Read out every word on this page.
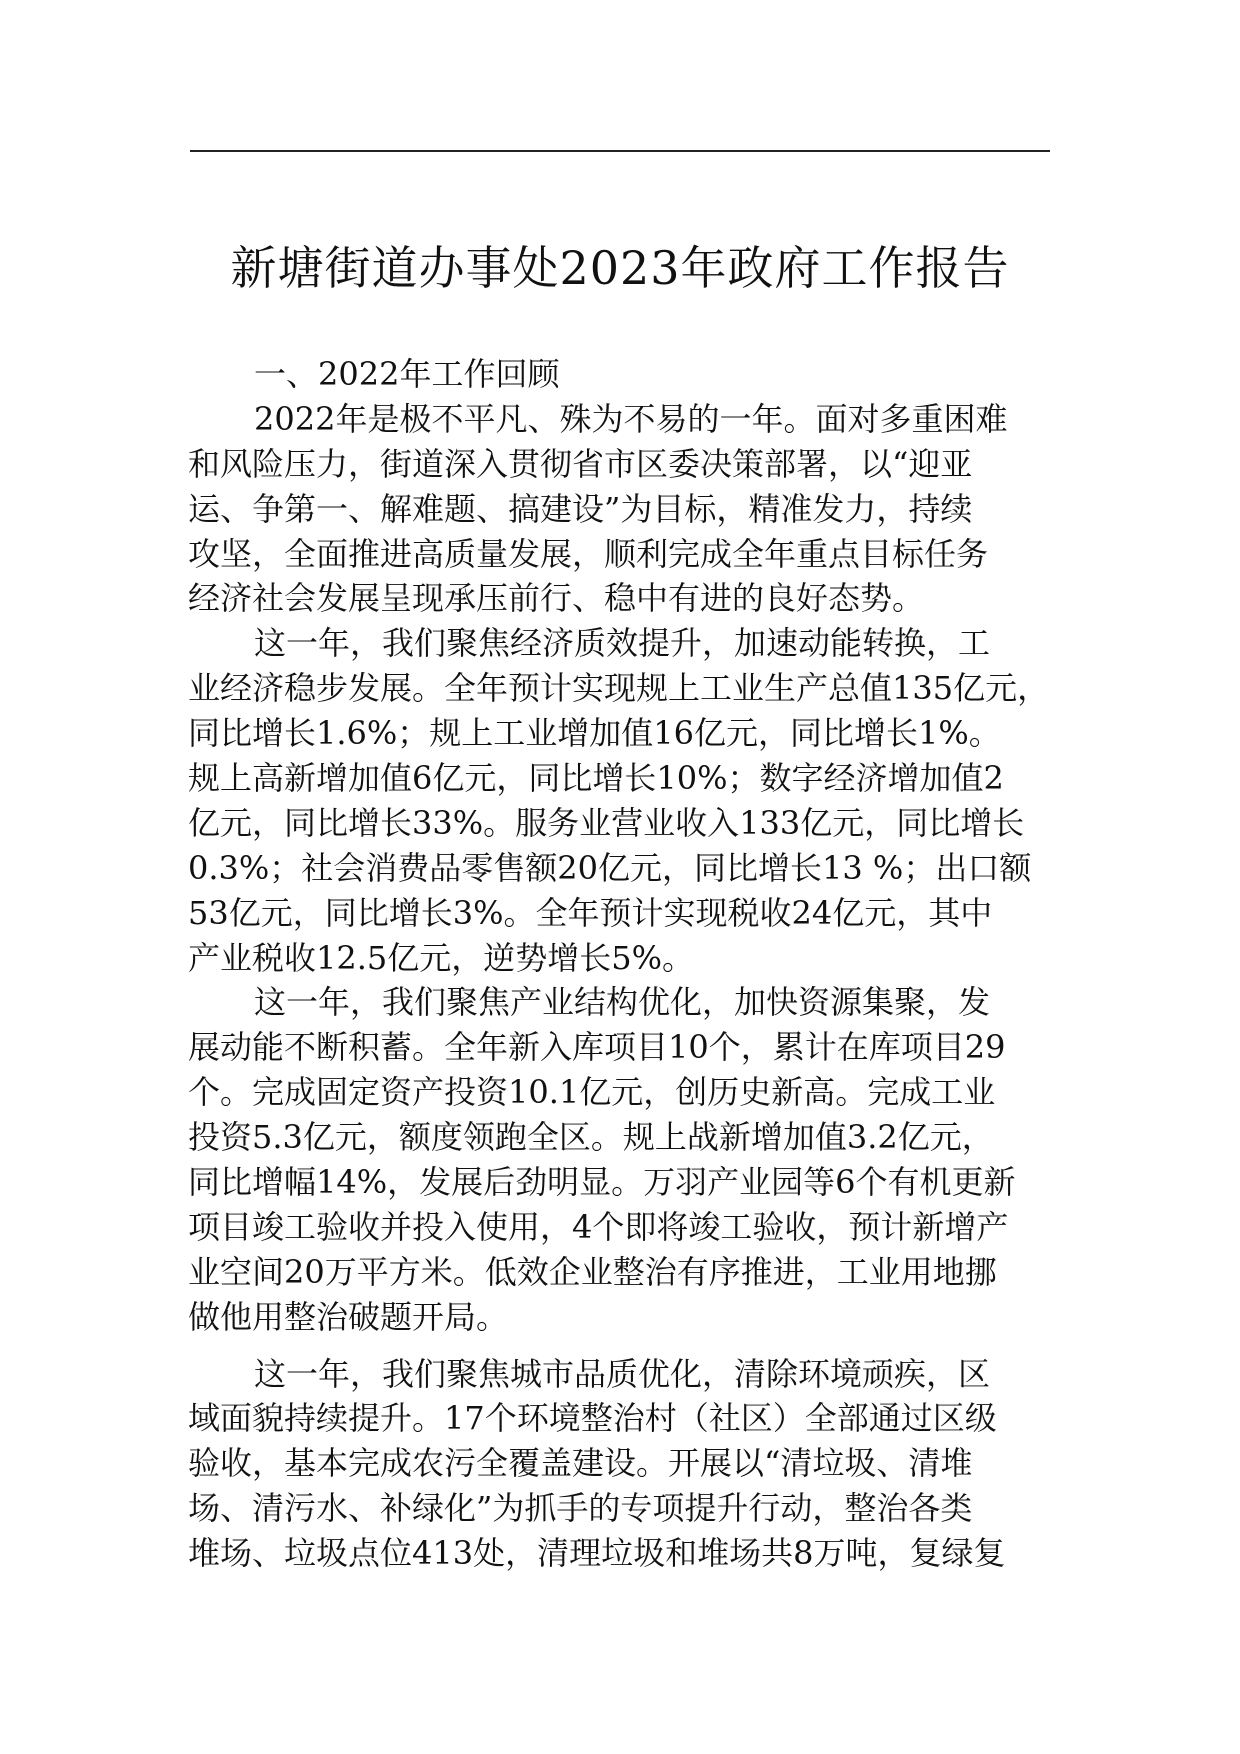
新塘街道办事处2023年政府工作报告
一、2022年工作回顾
2022年是极不平凡、殊为不易的一年。面对多重困难
和风险压力，街道深入贯彻省市区委决策部署，以“迎亚
运、争第一、解难题、搞建设”为目标，精准发力，持续
攻坚，全面推进高质量发展，顺利完成全年重点目标任务
经济社会发展呈现承压前行、稳中有进的良好态势。
这一年，我们聚焦经济质效提升，加速动能转换，工
业经济稳步发展。全年预计实现规上工业生产总值135亿元，
同比增长1.6%；规上工业增加值16亿元，同比增长1%。
规上高新增加值6亿元，同比增长10%；数字经济增加值2
亿元，同比增长33%。服务业营业收入133亿元，同比增长
0.3%；社会消费品零售额20亿元，同比增长13 %；出口额
53亿元，同比增长3%。全年预计实现税收24亿元，其中
产业税收12.5亿元，逆势增长5%。
这一年，我们聚焦产业结构优化，加快资源集聚，发
展动能不断积蓄。全年新入库项目10个，累计在库项目29
个。完成固定资产投资10.1亿元，创历史新高。完成工业
投资5.3亿元，额度领跑全区。规上战新增加值3.2亿元，
同比增幅14%，发展后劲明显。万羽产业园等6个有机更新
项目竣工验收并投入使用，4个即将竣工验收，预计新增产
业空间20万平方米。低效企业整治有序推进，工业用地挪
做他用整治破题开局。
这一年，我们聚焦城市品质优化，清除环境顽疾，区
域面貌持续提升。17个环境整治村（社区）全部通过区级
验收，基本完成农污全覆盖建设。开展以“清垃圾、清堆
场、清污水、补绿化”为抓手的专项提升行动，整治各类
堆场、垃圾点位413处，清理垃圾和堆场共8万吨，复绿复
